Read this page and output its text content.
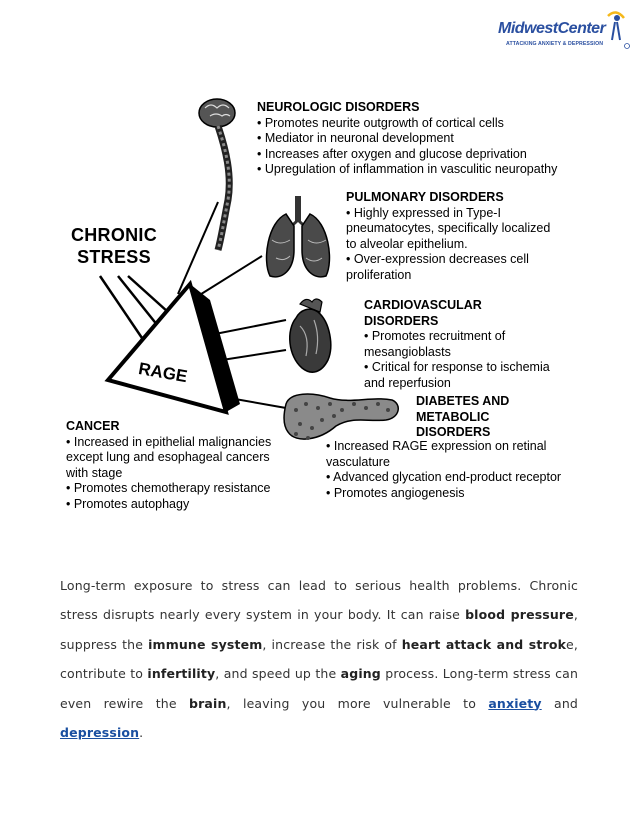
MidwestCenter
ATTACKING ANXIETY & DEPRESSION
RAGE
CHRONIC
STRESS
NEUROLOGIC DISORDERS
• Promotes neurite outgrowth of cortical cells
• Mediator in neuronal development
• Increases after oxygen and glucose deprivation
• Upregulation of inflammation in vasculitic neuropathy
PULMONARY DISORDERS
• Highly expressed in Type-I
pneumatocytes, specifically localized
to alveolar epithelium.
• Over-expression decreases cell
proliferation
CARDIOVASCULAR
DISORDERS
• Promotes recruitment of
mesangioblasts
• Critical for response to ischemia
and reperfusion
DIABETES AND
METABOLIC
DISORDERS
• Increased RAGE expression on retinal
vasculature
• Advanced glycation end-product receptor
• Promotes angiogenesis
CANCER
• Increased in epithelial malignancies
except lung and esophageal cancers
with stage
• Promotes chemotherapy resistance
• Promotes autophagy

Long-term exposure to stress can lead to serious health problems. Chronic stress disrupts nearly every system in your body. It can raise blood pressure, suppress the immune system, increase the risk of heart attack and stroke, contribute to infertility, and speed up the aging process. Long-term stress can even rewire the brain, leaving you more vulnerable to anxiety and depression.
